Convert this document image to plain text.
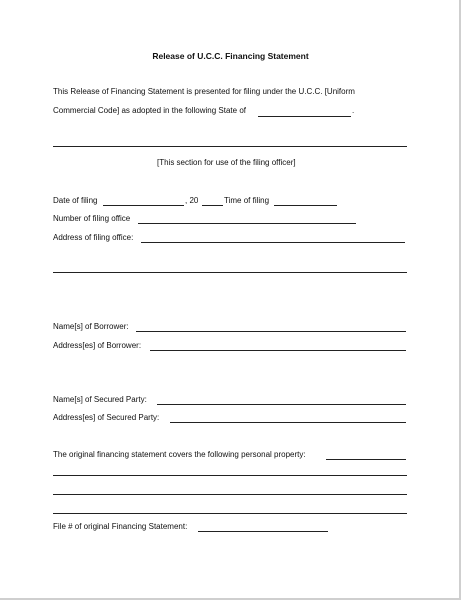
Release of U.C.C. Financing Statement
This Release of Financing Statement is presented for filing under the U.C.C. [Uniform
Commercial Code] as adopted in the following State of	.
[This section for use of the filing officer]
Date of filing	, 20	Time of filing
Number of filing office
Address of filing office:
Name[s] of Borrower:
Address[es] of Borrower:
Name[s] of Secured Party:
Address[es] of Secured Party:
The original financing statement covers the following personal property:
File # of original Financing Statement:
